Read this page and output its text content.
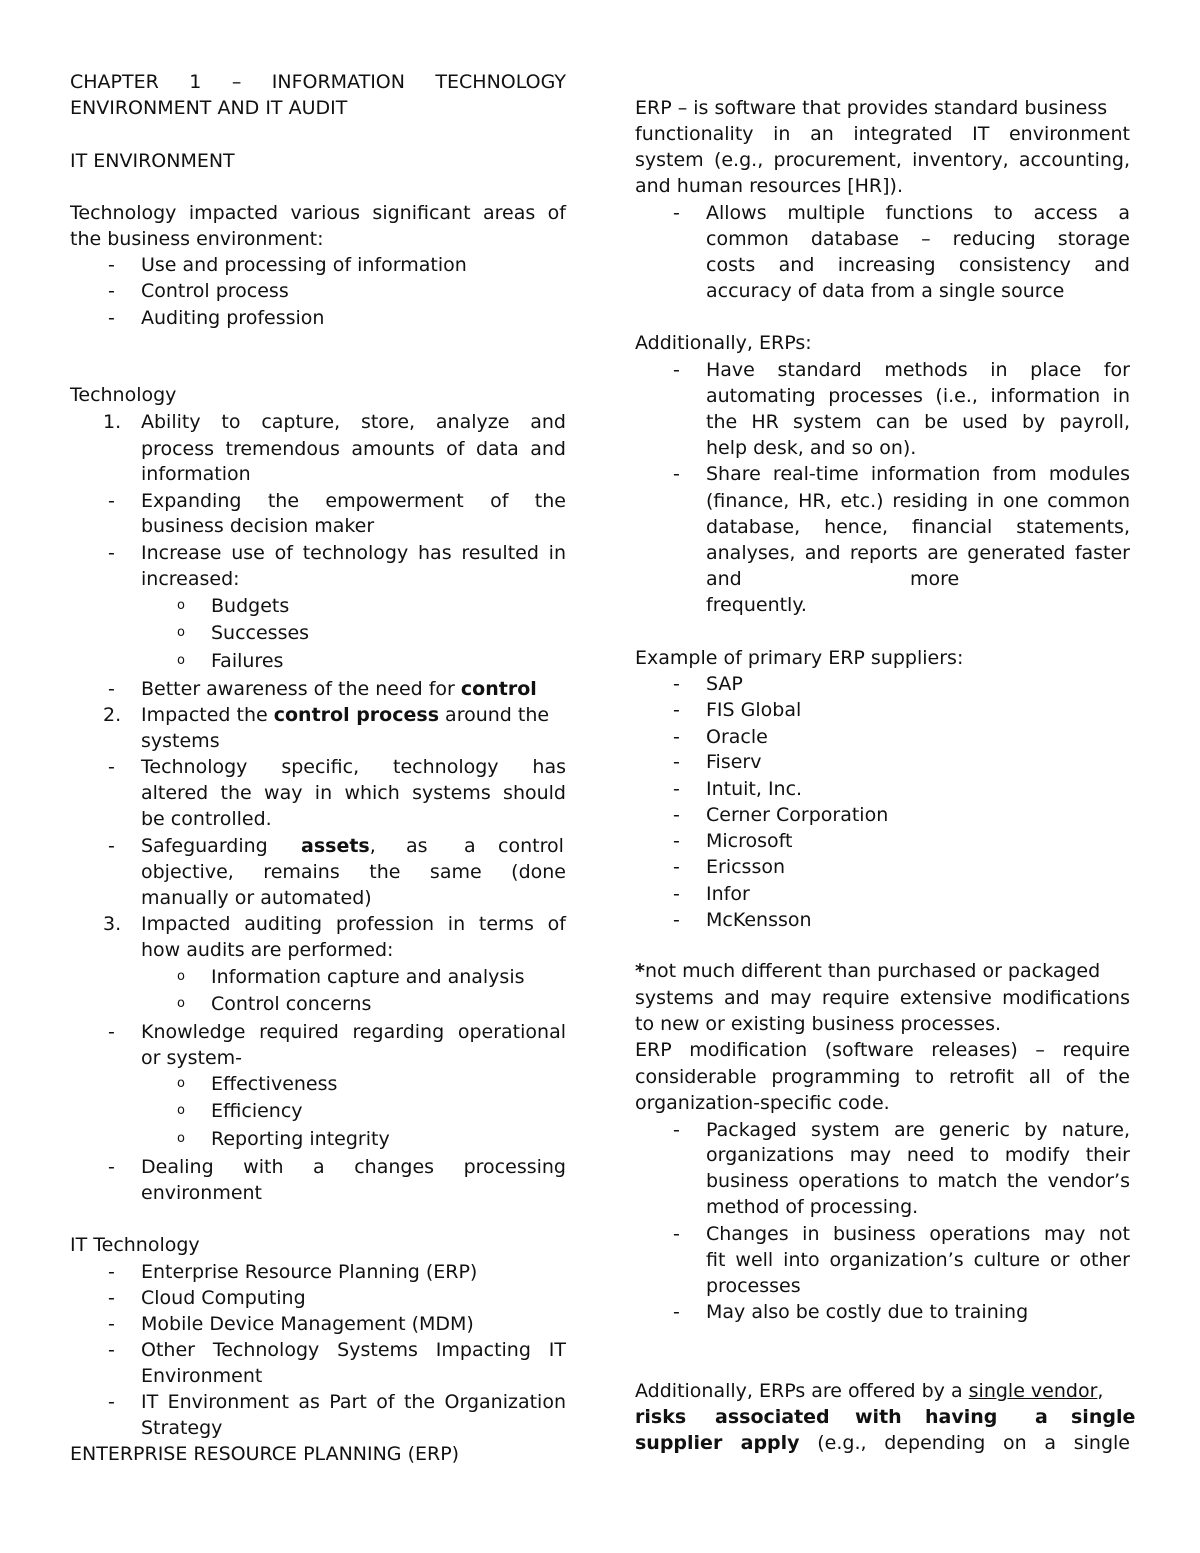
CHAPTER 1 – INFORMATION TECHNOLOGY
ENVIRONMENT AND IT AUDIT
IT ENVIRONMENT
Technology impacted various significant areas of
the business environment:
- Use and processing of information
- Control process
- Auditing profession
Technology
1. Ability to capture, store, analyze and
process tremendous amounts of data and
information
- Expanding the empowerment of the
business decision maker
- Increase use of technology has resulted in
increased:
o Budgets
o Successes
o Failures
- Better awareness of the need for control
2. Impacted the control process around the
systems
- Technology specific, technology has
altered the way in which systems should
be controlled.
- Safeguarding assets, as a control
objective, remains the same (done
manually or automated)
3. Impacted auditing profession in terms of
how audits are performed:
o Information capture and analysis
o Control concerns
- Knowledge required regarding operational
or system-
o Effectiveness
o Efficiency
o Reporting integrity
- Dealing with a changes processing
environment
IT Technology
- Enterprise Resource Planning (ERP)
- Cloud Computing
- Mobile Device Management (MDM)
- Other Technology Systems Impacting IT
Environment
- IT Environment as Part of the Organization
Strategy
ENTERPRISE RESOURCE PLANNING (ERP)
ERP – is software that provides standard business
functionality in an integrated IT environment
system (e.g., procurement, inventory, accounting,
and human resources [HR]).
- Allows multiple functions to access a
common database – reducing storage
costs and increasing consistency and
accuracy of data from a single source
Additionally, ERPs:
- Have standard methods in place for
automating processes (i.e., information in
the HR system can be used by payroll,
help desk, and so on).
- Share real-time information from modules
(finance, HR, etc.) residing in one common
database, hence, financial statements,
analyses, and reports are generated faster
and	more
frequently.
Example of primary ERP suppliers:
- SAP
- FIS Global
- Oracle
- Fiserv
- Intuit, Inc.
- Cerner Corporation
- Microsoft
- Ericsson
- Infor
- McKensson
*not much different than purchased or packaged
systems and may require extensive modifications
to new or existing business processes.
ERP modification (software releases) – require
considerable programming to retrofit all of the
organization-specific code.
- Packaged system are generic by nature,
organizations may need to modify their
business operations to match the vendor’s
method of processing.
- Changes in business operations may not
fit well into organization’s culture or other
processes
- May also be costly due to training
Additionally, ERPs are offered by a single vendor,
risks associated with having a single
supplier apply (e.g., depending on a single
